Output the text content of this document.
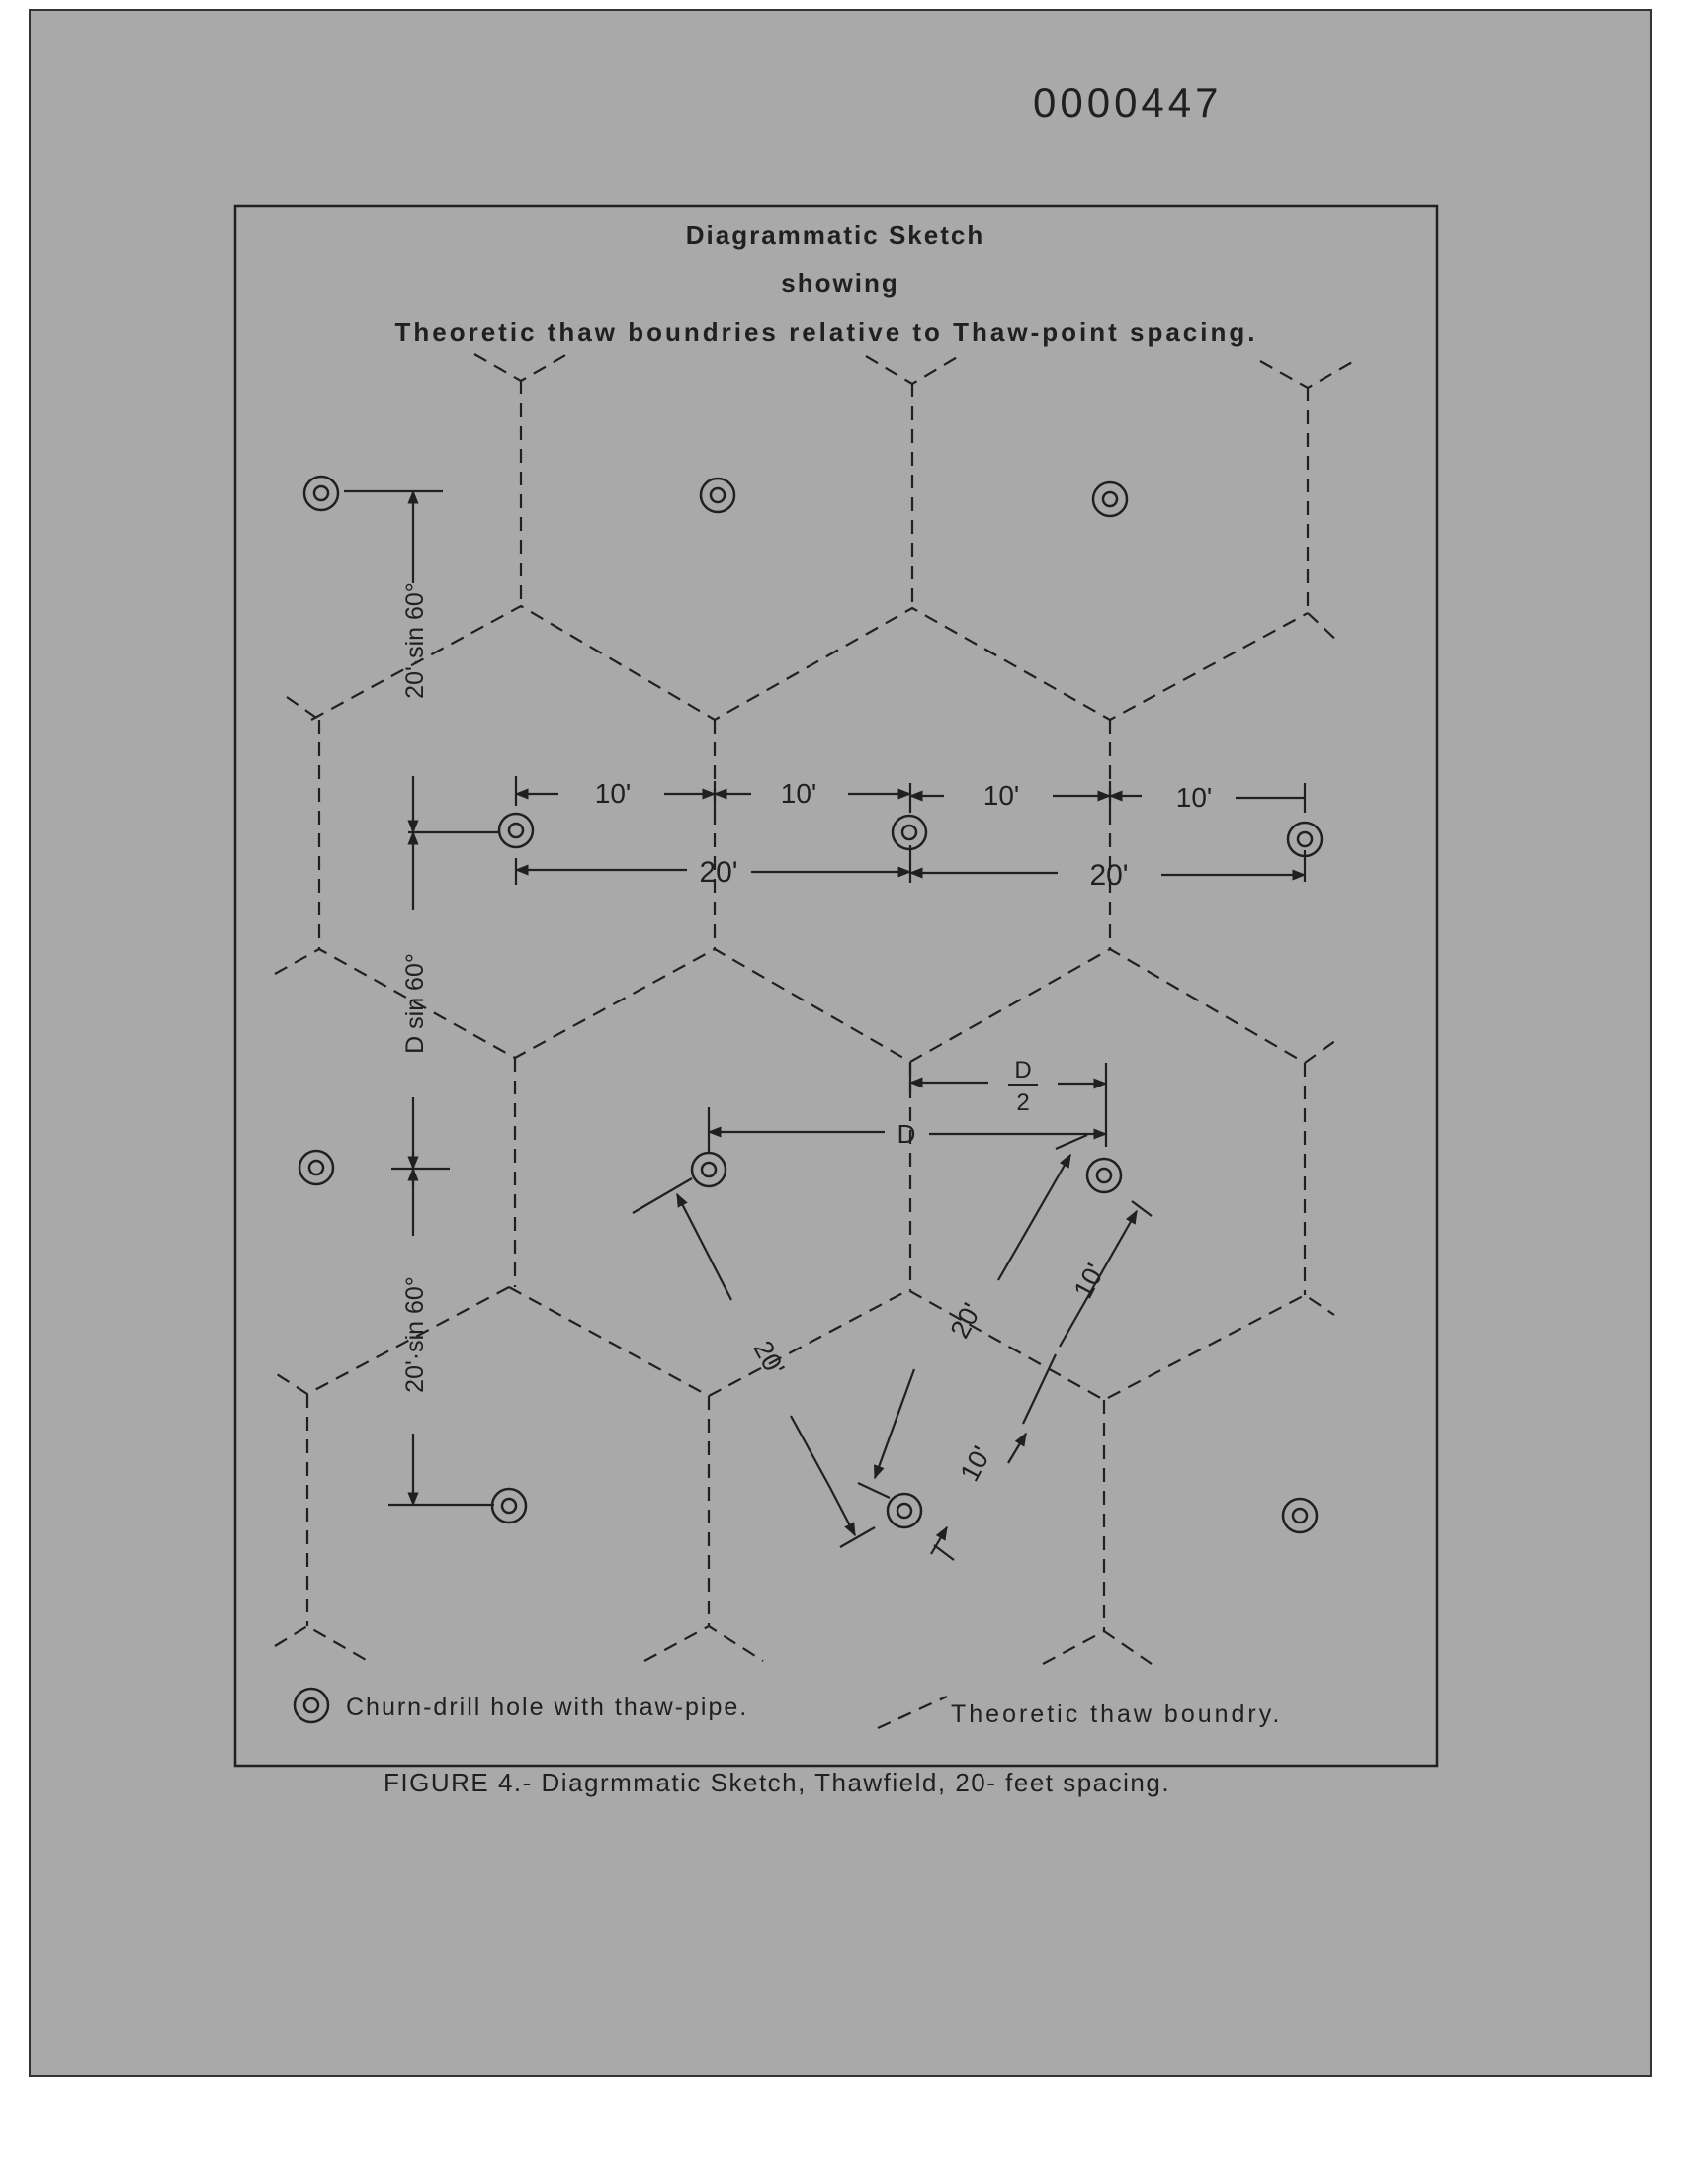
0000447
Diagrammatic Sketch
showing
Theoretic thaw boundries relative to Thaw-point spacing.
10'	10'	10'	10'
20'	20'
D
2
D
20'·sin 60°
D sin 60°
20'·sin 60°	20'
20'
10'
10'
Churn-drill hole with thaw-pipe.	Theoretic thaw boundry.
FIGURE 4.- Diagrmmatic Sketch, Thawfield, 20- feet spacing.
